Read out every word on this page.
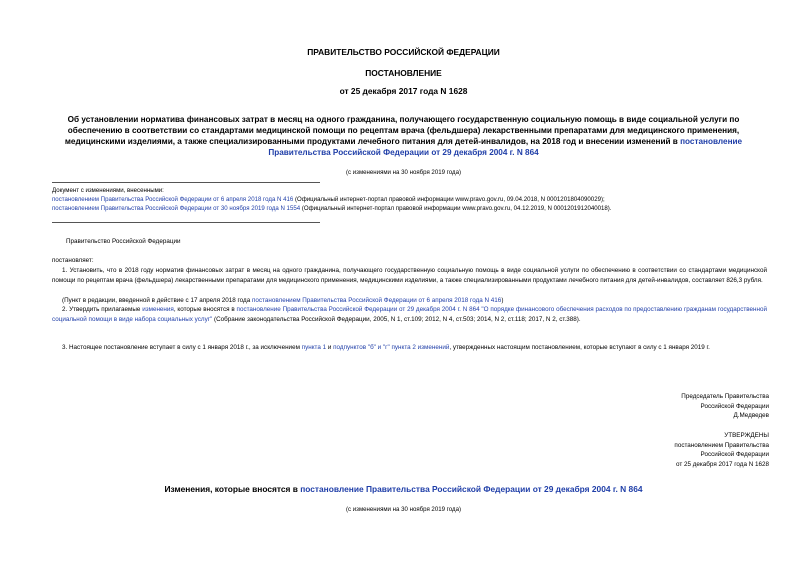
ПРАВИТЕЛЬСТВО РОССИЙСКОЙ ФЕДЕРАЦИИ
ПОСТАНОВЛЕНИЕ
от 25 декабря 2017 года N 1628
Об установлении норматива финансовых затрат в месяц на одного гражданина, получающего государственную социальную помощь в виде социальной услуги по обеспечению в соответствии со стандартами медицинской помощи по рецептам врача (фельдшера) лекарственными препаратами для медицинского применения, медицинскими изделиями, а также специализированными продуктами лечебного питания для детей-инвалидов, на 2018 год и внесении изменений в постановление Правительства Российской Федерации от 29 декабря 2004 г. N 864
(с изменениями на 30 ноября 2019 года)
Документ с изменениями, внесенными:
постановлением Правительства Российской Федерации от 6 апреля 2018 года N 416 (Официальный интернет-портал правовой информации www.pravo.gov.ru, 09.04.2018, N 0001201804090029);
постановлением Правительства Российской Федерации от 30 ноября 2019 года N 1554 (Официальный интернет-портал правовой информации www.pravo.gov.ru, 04.12.2019, N 0001201912040018).
Правительство Российской Федерации
постановляет:
1. Установить, что в 2018 году норматив финансовых затрат в месяц на одного гражданина, получающего государственную социальную помощь в виде социальной услуги по обеспечению в соответствии со стандартами медицинской помощи по рецептам врача (фельдшера) лекарственными препаратами для медицинского применения, медицинскими изделиями, а также специализированными продуктами лечебного питания для детей-инвалидов, составляет 826,3 рубля.
(Пункт в редакции, введенной в действие с 17 апреля 2018 года постановлением Правительства Российской Федерации от 6 апреля 2018 года N 416)
2. Утвердить прилагаемые изменения, которые вносятся в постановление Правительства Российской Федерации от 29 декабря 2004 г. N 864 "О порядке финансового обеспечения расходов по предоставлению гражданам государственной социальной помощи в виде набора социальных услуг" (Собрание законодательства Российской Федерации, 2005, N 1, ст.109; 2012, N 4, ст.503; 2014, N 2, ст.118; 2017, N 2, ст.388).
3. Настоящее постановление вступает в силу с 1 января 2018 г., за исключением пункта 1 и подпунктов "б" и "г" пункта 2 изменений, утвержденных настоящим постановлением, которые вступают в силу с 1 января 2019 г.
Председатель Правительства
Российской Федерации
Д.Медведев
УТВЕРЖДЕНЫ
постановлением Правительства
Российской Федерации
от 25 декабря 2017 года N 1628
Изменения, которые вносятся в постановление Правительства Российской Федерации от 29 декабря 2004 г. N 864
(с изменениями на 30 ноября 2019 года)
